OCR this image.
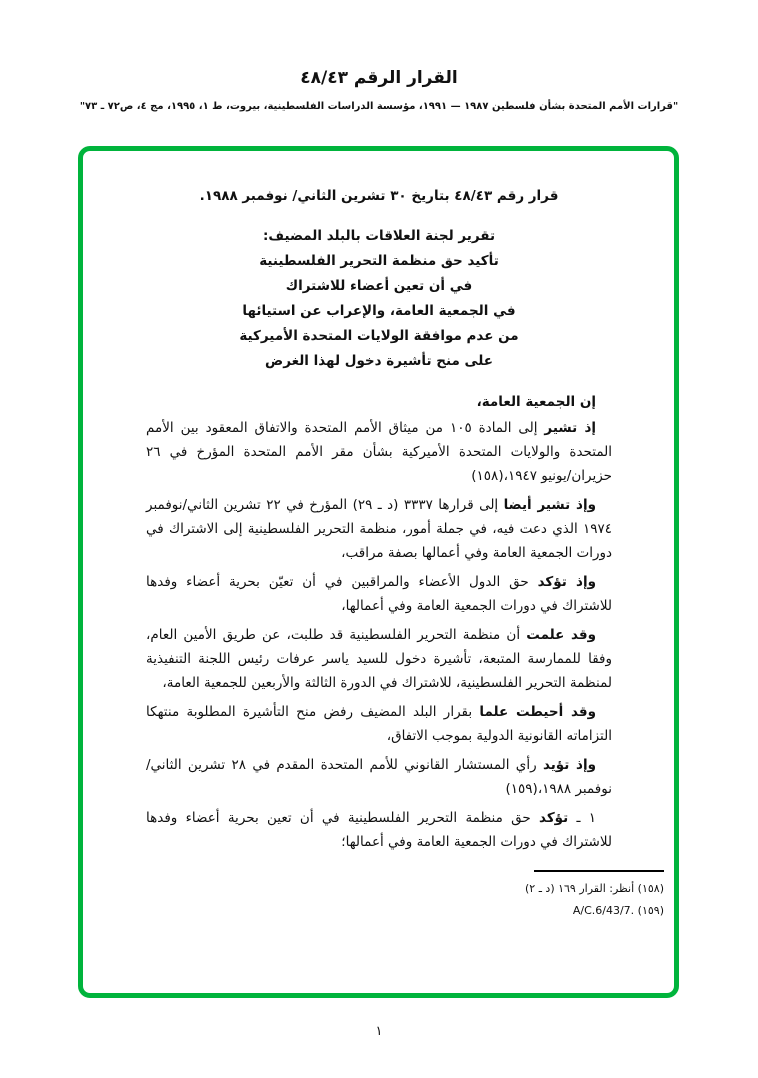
القرار الرقم ٤٨/٤٣
"قرارات الأمم المتحدة بشأن فلسطين ١٩٨٧ — ١٩٩١، مؤسسة الدراسات الفلسطينية، بيروت، ط ١، ١٩٩٥، مج ٤، ص٧٢ ـ ٧٣"

قرار رقم ٤٨/٤٣ بتاريخ ٣٠ تشرين الثاني/ نوفمبر ١٩٨٨.

تقرير لجنة العلاقات بالبلد المضيف:
تأكيد حق منظمة التحرير الفلسطينية
في أن تعين أعضاء للاشتراك
في الجمعية العامة، والإعراب عن استيائها
من عدم موافقة الولايات المتحدة الأميركية
على منح تأشيرة دخول لهذا الغرض

إن الجمعية العامة،

إذ تشير إلى المادة ١٠٥ من ميثاق الأمم المتحدة والاتفاق المعقود بين الأمم المتحدة والولايات المتحدة الأميركية بشأن مقر الأمم المتحدة المؤرخ في ٢٦ حزيران/يونيو ١٩٤٧،(١٥٨)

وإذ تشير أيضا إلى قرارها ٣٣٣٧ (د ـ ٢٩) المؤرخ في ٢٢ تشرين الثاني/نوفمبر ١٩٧٤ الذي دعت فيه، في جملة أمور، منظمة التحرير الفلسطينية إلى الاشتراك في دورات الجمعية العامة وفي أعمالها بصفة مراقب،

وإذ تؤكد حق الدول الأعضاء والمراقبين في أن تعيّن بحرية أعضاء وفدها للاشتراك في دورات الجمعية العامة وفي أعمالها،

وقد علمت أن منظمة التحرير الفلسطينية قد طلبت، عن طريق الأمين العام، وفقا للممارسة المتبعة، تأشيرة دخول للسيد ياسر عرفات رئيس اللجنة التنفيذية لمنظمة التحرير الفلسطينية، للاشتراك في الدورة الثالثة والأربعين للجمعية العامة،

وقد أحيطت علما بقرار البلد المضيف رفض منح التأشيرة المطلوبة منتهكا التزاماته القانونية الدولية بموجب الاتفاق،

وإذ تؤيد رأي المستشار القانوني للأمم المتحدة المقدم في ٢٨ تشرين الثاني/نوفمبر ١٩٨٨،(١٥٩)

١ ـ تؤكد حق منظمة التحرير الفلسطينية في أن تعين بحرية أعضاء وفدها للاشتراك في دورات الجمعية العامة وفي أعمالها؛

(١٥٨) أنظر: القرار ١٦٩ (د ـ ٢)
(١٥٩) A/C.6/43/7.
١
